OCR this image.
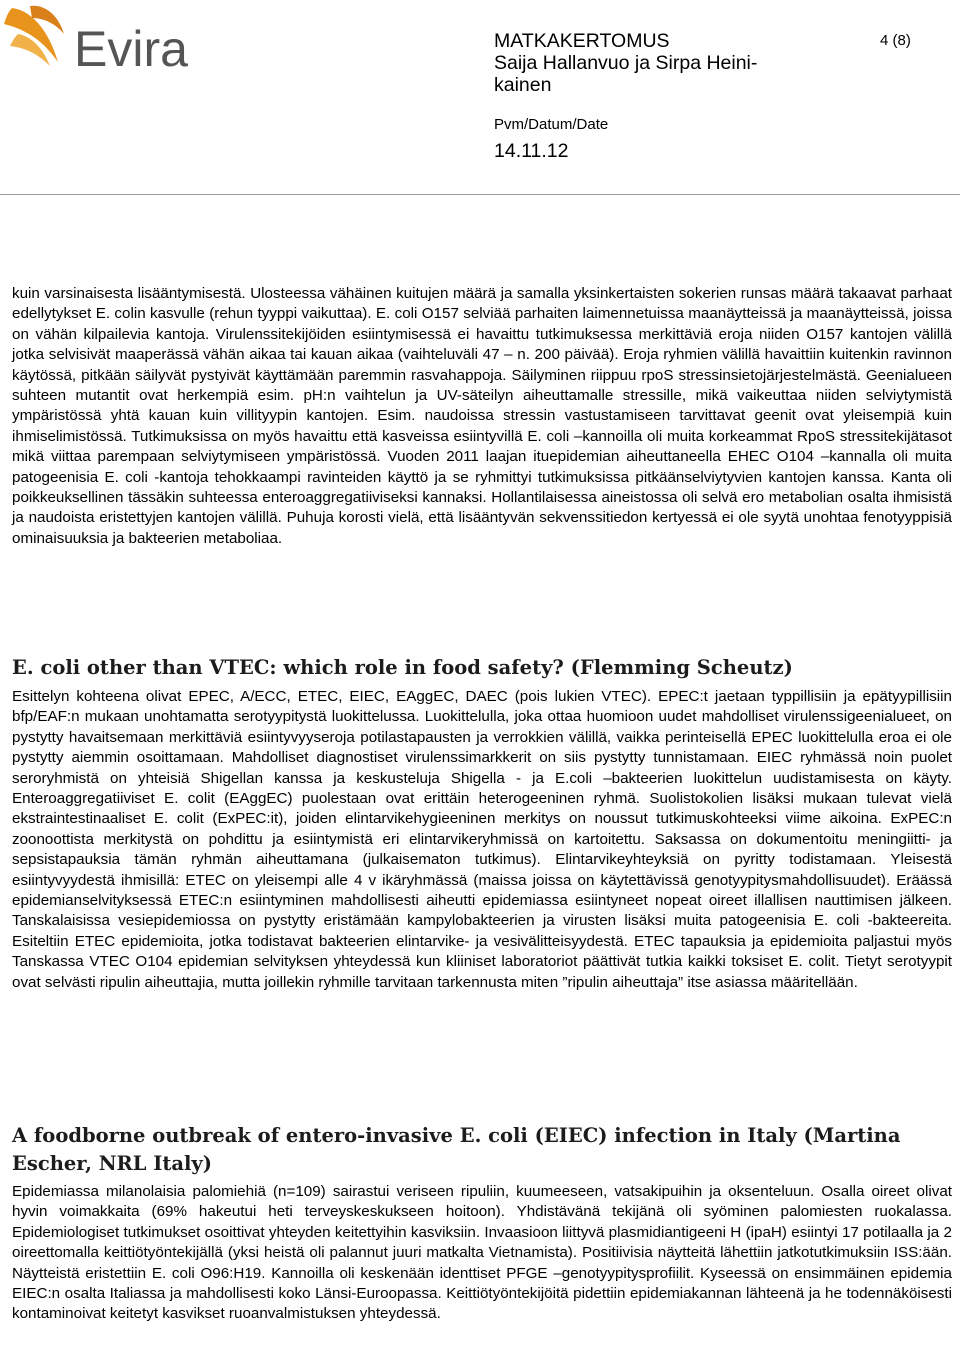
Evira	MATKAKERTOMUS
Saija Hallanvuo ja Sirpa Heini-kainen
Pvm/Datum/Date
14.11.12
4 (8)
kuin varsinaisesta lisääntymisestä. Ulosteessa vähäinen kuitujen määrä ja samalla yksinkertaisten sokerien runsas määrä takaavat parhaat edellytykset E. colin kasvulle (rehun tyyppi vaikuttaa). E. coli O157 selviää parhaiten laimennetuissa maanäytteissä ja maanäytteissä, joissa on vähän kilpailevia kantoja. Virulenssitekijöiden esiintymisessä ei havaittu tutkimuksessa merkittäviä eroja niiden O157 kantojen välillä jotka selvisivät maaperässä vähän aikaa tai kauan aikaa (vaihteluväli 47 – n. 200 päivää). Eroja ryhmien välillä havaittiin kuitenkin ravinnon käytössä, pitkään säilyvät pystyivät käyttämään paremmin rasvahappoja. Säilyminen riippuu rpoS stressinsietojärjestelmästä. Geenialueen suhteen mutantit ovat herkempiä esim. pH:n vaihtelun ja UV-säteilyn aiheuttamalle stressille, mikä vaikeuttaa niiden selviytymistä ympäristössä yhtä kauan kuin villityypin kantojen. Esim. naudoissa stressin vastustamiseen tarvittavat geenit ovat yleisempiä kuin ihmiselimistössä. Tutkimuksissa on myös havaittu että kasveissa esiintyvillä E. coli –kannoilla oli muita korkeammat RpoS stressitekijätasot mikä viittaa parempaan selviytymiseen ympäristössä. Vuoden 2011 laajan ituepidemian aiheuttaneella EHEC O104 –kannalla oli muita patogeenisia E. coli -kantoja tehokkaampi ravinteiden käyttö ja se ryhmittyi tutkimuksissa pitkäänselviytyvien kantojen kanssa. Kanta oli poikkeuksellinen tässäkin suhteessa enteroaggregatiiviseksi kannaksi. Hollantilaisessa aineistossa oli selvä ero metabolian osalta ihmisistä ja naudoista eristettyjen kantojen välillä. Puhuja korosti vielä, että lisääntyvän sekvenssitiedon kertyessä ei ole syytä unohtaa fenotyyppisiä ominaisuuksia ja bakteerien metaboliaa.
E. coli other than VTEC: which role in food safety? (Flemming Scheutz)
Esittelyn kohteena olivat EPEC, A/ECC, ETEC, EIEC, EAggEC, DAEC (pois lukien VTEC). EPEC:t jaetaan typpillisiin ja epätyypillisiin bfp/EAF:n mukaan unohtamatta serotyypitystä luokittelussa. Luokittelulla, joka ottaa huomioon uudet mahdolliset virulenssigeenialueet, on pystytty havaitsemaan merkittäviä esiintyvyyseroja potilastapausten ja verrokkien välillä, vaikka perinteisellä EPEC luokittelulla eroa ei ole pystytty aiemmin osoittamaan. Mahdolliset diagnostiset virulenssimarkkerit on siis pystytty tunnistamaan. EIEC ryhmässä noin puolet seroryhmistä on yhteisiä Shigellan kanssa ja keskusteluja Shigella - ja E.coli –bakteerien luokittelun uudistamisesta on käyty. Enteroaggregatiiviset E. colit (EAggEC) puolestaan ovat erittäin heterogeeninen ryhmä. Suolistokolien lisäksi mukaan tulevat vielä ekstraintestinaaliset E. colit (ExPEC:it), joiden elintarvikehygieeninen merkitys on noussut tutkimuskohteeksi viime aikoina. ExPEC:n zoonoottista merkitystä on pohdittu ja esiintymistä eri elintarvikeryhmissä on kartoitettu. Saksassa on dokumentoitu meningiitti- ja sepsistapauksia tämän ryhmän aiheuttamana (julkaisematon tutkimus). Elintarvikeyhteyksiä on pyritty todistamaan. Yleisestä esiintyvyydestä ihmisillä: ETEC on yleisempi alle 4 v ikäryhmässä (maissa joissa on käytettävissä genotyypitysmahdollisuudet). Eräässä epidemianselvityksessä ETEC:n esiintyminen mahdollisesti aiheutti epidemiassa esiintyneet nopeat oireet illallisen nauttimisen jälkeen. Tanskalaisissa vesiepidemiossa on pystytty eristämään kampylobakteerien ja virusten lisäksi muita patogeenisia E. coli -bakteereita. Esiteltiin ETEC epidemioita, jotka todistavat bakteerien elintarvike- ja vesivälitteisyydestä. ETEC tapauksia ja epidemioita paljastui myös Tanskassa VTEC O104 epidemian selvityksen yhteydessä kun kliiniset laboratoriot päättivät tutkia kaikki toksiset E. colit. Tietyt serotyypit ovat selvästi ripulin aiheuttajia, mutta joillekin ryhmille tarvitaan tarkennusta miten ”ripulin aiheuttaja” itse asiassa määritellään.
A foodborne outbreak of entero-invasive E. coli (EIEC) infection in Italy (Martina Escher, NRL Italy)
Epidemiassa milanolaisia palomiehiä (n=109) sairastui veriseen ripuliin, kuumeeseen, vatsakipuihin ja oksenteluun. Osalla oireet olivat hyvin voimakkaita (69% hakeutui heti terveyskeskukseen hoitoon). Yhdistävänä tekijänä oli syöminen palomiesten ruokalassa. Epidemiologiset tutkimukset osoittivat yhteyden keitettyihin kasviksiin. Invaasioon liittyvä plasmidiantigeeni H (ipaH) esiintyi 17 potilaalla ja 2 oireettomalla keittiötyöntekijällä (yksi heistä oli palannut juuri matkalta Vietnamista). Positiivisia näytteitä lähettiin jatkotutkimuksiin ISS:ään. Näytteistä eristettiin E. coli O96:H19. Kannoilla oli keskenään identtiset PFGE –genotyypitysprofiilit. Kyseessä on ensimmäinen epidemia EIEC:n osalta Italiassa ja mahdollisesti koko Länsi-Euroopassa. Keittiötyöntekijöitä pidettiin epidemiakannan lähteenä ja he todennäköisesti kontaminoivat keitetyt kasvikset ruoanvalmistuksen yhteydessä.
